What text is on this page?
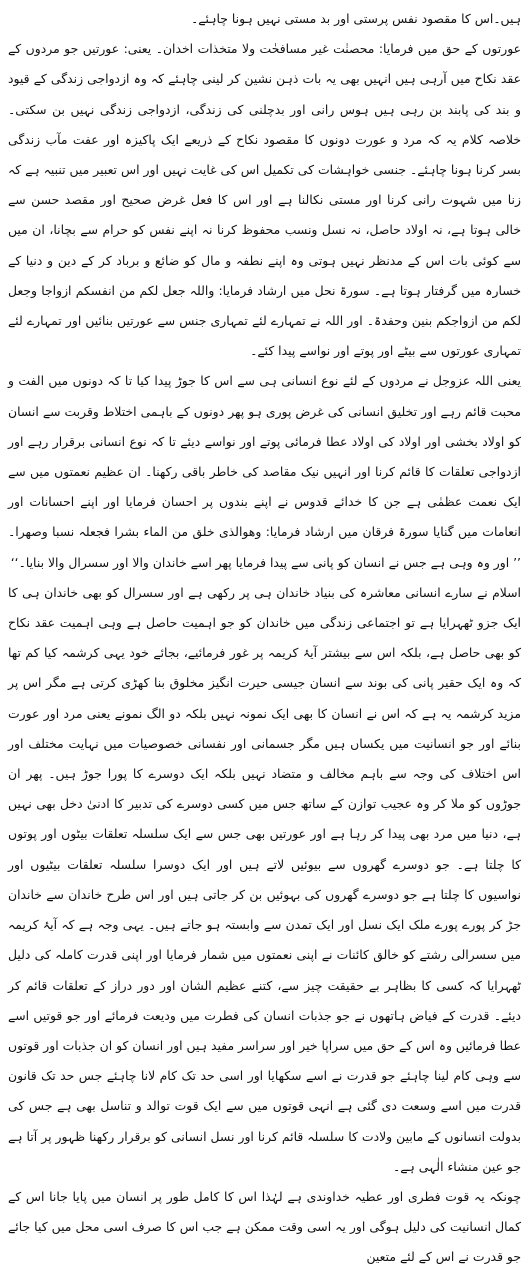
ہیں۔اس کا مقصود نفس پرستی اور بد مستی نہیں ہونا چاہئے۔

عورتوں کے حق میں فرمایا: محصنٰت غیر مسافحٰت ولا متخذات اخدان۔ یعنی: عورتیں جو مردوں کے عقد نکاح میں آرہی ہیں انہیں بھی یہ بات ذہن نشین کر لینی چاہئے کہ وہ ازدواجی زندگی کے قیود و بند کی پابند بن رہی ہیں ہوس رانی اور بدچلنی کی زندگی، ازدواجی زندگی نہیں بن سکتی۔ خلاصہ کلام یہ کہ مرد و عورت دونوں کا مقصود نکاح کے ذریعے ایک پاکیزہ اور عفت مآب زندگی بسر کرنا ہونا چاہئے۔ جنسی خواہشات کی تکمیل اس کی غایت نہیں اور اس تعبیر میں تنبیہ ہے کہ زنا میں شہوت رانی کرنا اور مستی نکالنا ہے اور اس کا فعل غرض صحیح اور مقصد حسن سے خالی ہوتا ہے، نہ اولاد حاصل، نہ نسل ونسب محفوظ کرنا نہ اپنے نفس کو حرام سے بچانا، ان میں سے کوئی بات اس کے مدنظر نہیں ہوتی وہ اپنے نطفہ و مال کو ضائع و برباد کر کے دین و دنیا کے خسارہ میں گرفتار ہوتا ہے۔ سورۃ نحل میں ارشاد فرمایا: واللہ جعل لکم من انفسکم ازواجا وجعل لکم من ازواجکم بنین وحفدۃ۔ اور اللہ نے تمہارے لئے تمہاری جنس سے عورتیں بنائیں اور تمہارے لئے تمہاری عورتوں سے بیٹے اور پوتے اور نواسے پیدا کئے۔

یعنی اللہ عزوجل نے مردوں کے لئے نوع انسانی ہی سے اس کا جوڑ پیدا کیا تا کہ دونوں میں الفت و محبت قائم رہے اور تخلیق انسانی کی غرض پوری ہو پھر دونوں کے باہمی اختلاط وقربت سے انسان کو اولاد بخشی اور اولاد کی اولاد عطا فرمائی پوتے اور نواسے دیئے تا کہ نوع انسانی برقرار رہے اور ازدواجی تعلقات کا قائم کرنا اور انہیں نیک مقاصد کی خاطر باقی رکھنا۔ ان عظیم نعمتوں میں سے ایک نعمت عظمٰی ہے جن کا خدائے قدوس نے اپنے بندوں پر احسان فرمایا اور اپنے احسانات اور انعامات میں گنایا سورۃ فرقان میں ارشاد فرمایا: وھوالذی خلق من الماء بشرا فجعلہ نسبا وصھرا۔ ’’ اور وہ وہی ہے جس نے انسان کو پانی سے پیدا فرمایا پھر اسے خاندان والا اور سسرال والا بنایا۔‘‘

اسلام نے سارے انسانی معاشرہ کی بنیاد خاندان ہی پر رکھی ہے اور سسرال کو بھی خاندان ہی کا ایک جزو ٹھہرایا ہے تو اجتماعی زندگی میں خاندان کو جو اہمیت حاصل ہے وہی اہمیت عقد نکاح کو بھی حاصل ہے، بلکہ اس سے بیشتر آیۂ کریمہ پر غور فرمائیے، بجائے خود یہی کرشمہ کیا کم تھا کہ وہ ایک حقیر پانی کی بوند سے انسان جیسی حیرت انگیز مخلوق بنا کھڑی کرتی ہے مگر اس پر مزید کرشمہ یہ ہے کہ اس نے انسان کا بھی ایک نمونہ نہیں بلکہ دو الگ نمونے یعنی مرد اور عورت بنائے اور جو انسانیت میں یکساں ہیں مگر جسمانی اور نفسانی خصوصیات میں نہایت مختلف اور اس اختلاف کی وجہ سے باہم مخالف و متضاد نہیں بلکہ ایک دوسرے کا پورا جوڑ ہیں۔ پھر ان جوڑوں کو ملا کر وہ عجیب توازن کے ساتھ جس میں کسی دوسرے کی تدبیر کا ادنیٰ دخل بھی نہیں ہے، دنیا میں مرد بھی پیدا کر رہا ہے اور عورتیں بھی جس سے ایک سلسلہ تعلقات بیٹوں اور پوتوں کا چلتا ہے۔ جو دوسرے گھروں سے بیوئیں لاتے ہیں اور ایک دوسرا سلسلہ تعلقات بیٹیوں اور نواسیوں کا چلتا ہے جو دوسرے گھروں کی بہوئیں بن کر جاتی ہیں اور اس طرح خاندان سے خاندان جڑ کر پورے پورے ملک ایک نسل اور ایک تمدن سے وابستہ ہو جاتے ہیں۔ یہی وجہ ہے کہ آیۂ کریمہ میں سسرالی رشتے کو خالق کائنات نے اپنی نعمتوں میں شمار فرمایا اور اپنی قدرت کاملہ کی دلیل ٹھہرایا کہ کسی کا بظاہر بے حقیقت چیز سے، کتنے عظیم الشان اور دور دراز کے تعلقات قائم کر دیئے۔ قدرت کے فیاض ہاتھوں نے جو جذبات انسان کی فطرت میں ودیعت فرمائے اور جو قوتیں اسے عطا فرمائیں وہ اس کے حق میں سراپا خیر اور سراسر مفید ہیں اور انسان کو ان جذبات اور قوتوں سے وہی کام لینا چاہئے جو قدرت نے اسے سکھایا اور اسی حد تک کام لانا چاہئے جس حد تک قانون قدرت میں اسے وسعت دی گئی ہے انہی قوتوں میں سے ایک قوت توالد و تناسل بھی ہے جس کی بدولت انسانوں کے مابین ولادت کا سلسلہ قائم کرنا اور نسل انسانی کو برقرار رکھنا ظہور پر آتا ہے جو عین منشاء الٰہی ہے۔

چونکہ یہ قوت فطری اور عطیہ خداوندی ہے لہٰذا اس کا کامل طور پر انسان میں پایا جانا اس کے کمال انسانیت کی دلیل ہوگی اور یہ اسی وقت ممکن ہے جب اس کا صرف اسی محل میں کیا جائے جو قدرت نے اس کے لئے متعین
